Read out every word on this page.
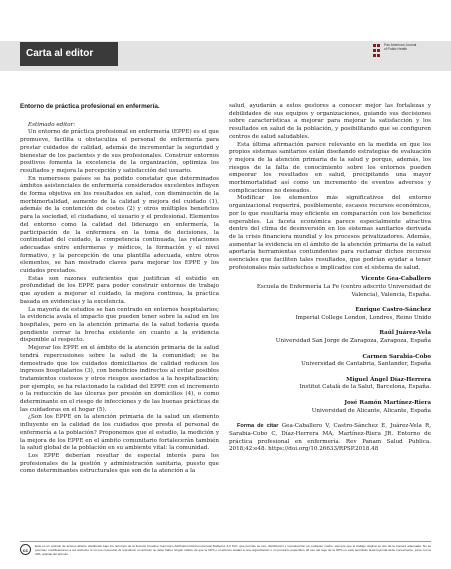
Carta al editor
Pan American Journal
of Public Health
Entorno de práctica profesional en enfermería.

Estimado editor:

Un entorno de práctica profesional en enfermería (EPPE) es el que promueve, facilita u obstaculiza el personal de enfermería para prestar cuidados de calidad, además de incrementar la seguridad y bienestar de los pacientes y de sus profesionales. Construir entornos positivos fomenta la excelencia de la organización, optimiza los resultados y mejora la percepción y satisfacción del usuario.

En numerosos países se ha podido constatar que determinados ámbitos asistenciales de enfermería considerados excelentes influyen de forma objetiva en los resultados en salud, con disminución de la morbimortalidad, aumento de la calidad y mejora del cuidado (1), además de la contención de costes (2) y otros múltiples beneficios para la sociedad, el ciudadano, el usuario y el profesional. Elementos del entorno como la calidad del liderazgo en enfermería, la participación de la enfermera en la toma de decisiones, la continuidad del cuidado, la competencia continuada, las relaciones adecuadas entre enfermeras y médicos, la formación y el nivel formativo, y la percepción de una plantilla adecuada, entre otros elementos, se han mostrado claves para mejorar los EPPE y los cuidados prestados.

Estas son razones suficientes que justifican el estudio en profundidad de los EPPE para poder construir entornos de trabajo que ayuden a mejorar el cuidado, la mejora continua, la práctica basada en evidencias y la excelencia.

La mayoría de estudios se han centrado en entornos hospitalarios; la evidencia avala el impacto que pueden tener sobre la salud en los hospitales, pero en la atención primaria de la salud todavía queda pendiente cerrar la brecha existente en cuanto a la evidencia disponible al respecto.

Mejorar los EPPE en el ámbito de la atención primaria de la salud tendrá repercusiones sobre la salud de la comunidad; se ha demostrado que los cuidados domiciliarios de calidad reducen los ingresos hospitalarios (3), con beneficios indirectos al evitar posibles tratamientos costosos y otros riesgos asociados a la hospitalización; por ejemplo, se ha relacionado la calidad del EPPE con el incremento o la reducción de las úlceras por presión en domicilios (4), o como determinante en el riesgo de infecciones y de las buenas prácticas de las cuidadoras en el hogar (5).

¿Son los EPPE en la atención primaria de la salud un elemento influyente en la calidad de los cuidados que presta el personal de enfermería a la población? Proponemos que el estudio, la medición y la mejora de los EPPE en el ámbito comunitario fortalecerán también la salud global de la población en su ambiente vital: la comunidad.

Los EPPE deberían resultar de especial interés para los profesionales de la gestión y administración sanitaria, puesto que como determinantes estructurales que son de la atención a la

salud, ayudarán a estos gestores a conocer mejor las fortalezas y debilidades de sus equipos y organizaciones, guiando sus decisiones sobre características a mejorar para mejorar la satisfacción y los resultados en salud de la población, y posibilitando que se configuren centros de salud saludables.

Esta última afirmación parece relevante en la medida en que los propios sistemas sanitarios están diseñando estrategias de evaluación y mejora de la atención primaria de la salud y porque, además, los riesgos de la falta de conocimiento sobre los entornos pueden empeorar los resultados en salud, precipitando una mayor morbimortalidad así como un incremento de eventos adversos y complicaciones no deseados.

Modificar los elementos más significativos del entorno organizacional requerirá, posiblemente, escasos recursos económicos, por lo que resultaría muy eficiente en comparación con los beneficios esperables. La faceta económica parece especialmente atractiva dentro del clima de desinversión en los sistemas sanitarios derivada de la crisis financiera mundial y los procesos privatizadores. Además, aumentar la evidencia en el ámbito de la atención primaria de la salud aportaría herramientas contundentes para reclamar dichos recursos esenciales que faciliten tales resultados, que podrían ayudar a tener profesionales más satisfechos e implicados con el sistema de salud.

Vicente Gea-Caballero
Escuela de Enfermería La Fe (centro adscrito Universidad de Valencia), Valencia, España.
Enrique Castro-Sánchez
Imperial College London, Londres, Reino Unido
Raúl Juárez-Vela
Universidad San Jorge de Zaragoza, Zaragoza, España
Carmen Sarabia-Cobo
Universidad de Cantabria, Santander, España
Miguel Ángel Díaz-Herrera
Institut Català de la Salut, Barcelona, España.
José Ramón Martínez-Riera
Universidad de Alicante, Alicante, España

Forma de citar Gea-Caballero V, Castro-Sánchez E, Juárez-Vela R, Sarabia-Cobo C, Díaz-Herrera MA, Martínez-Riera JR. Entorno de práctica profesional en enfermería. Rev Panam Salud Publica. 2018;42:e48. https://doi.org/10.26633/RPSP.2018.48

cc
Este es un artículo de acceso abierto distribuido bajo los términos de la licencia Creative Commons Attribution-NonCommercial-NoDerivs 3.0 IGO, que permite su uso, distribución y reproducción en cualquier medio, siempre que el trabajo original se cite de la manera adecuada. No se permiten modificaciones a los artículos ni su uso comercial. Al reproducir un artículo no debe haber ningún indicio de que la OPS o el artículo avalan a una organización o un producto específico. El uso del logo de la OPS no está permitido. Esta leyenda debe conservarse, junto con la URL original del artículo.
